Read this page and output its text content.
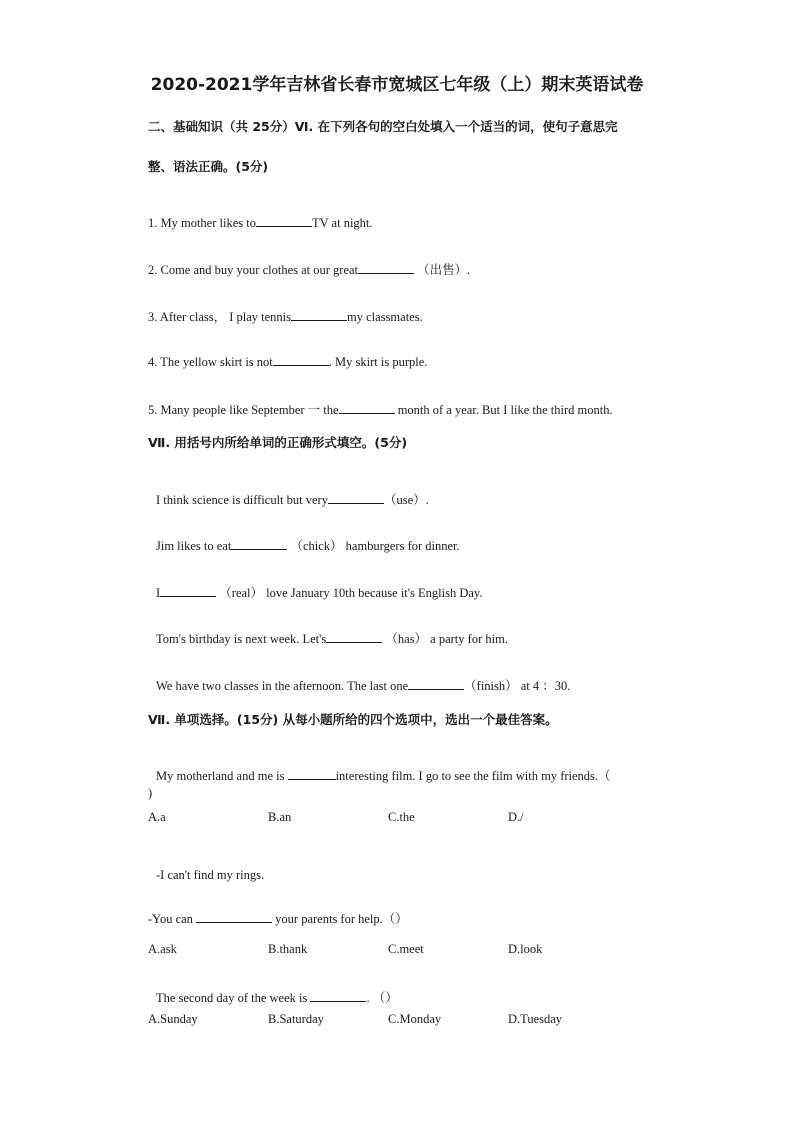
2020-2021学年吉林省长春市宽城区七年级（上）期末英语试卷
二、基础知识（共 25分）Ⅵ. 在下列各句的空白处填入一个适当的词，使句子意思完
整、语法正确。(5分)
1. My mother likes to	TV at night.
2. Come and buy your clothes at our great	（出售）.
3. After class， I play tennis	my classmates.
4. The yellow skirt is not	. My skirt is purple.
5. Many people like September 一 the	month of a year. But I like the third month.
Ⅶ. 用括号内所给单词的正确形式填空。(5分)
I think science is difficult but very	（use）.
Jim likes to eat	（chick） hamburgers for dinner.
I	（real） love January 10th because it's English Day.
Tom's birthday is next week. Let's	（has） a party for him.
We have two classes in the afternoon. The last one	（finish） at 4 ：30.
Ⅶ. 单项选择。(15分) 从每小题所给的四个选项中，选出一个最佳答案。
My motherland and me is	interesting film. I go to see the film with my friends.（
)
A.a	B.an	C.the	D./
-I can't find my rings.
-You can	your parents for help.（）
A.ask	B.thank	C.meet	D.look
The second day of the week is	. （）
A.Sunday	B.Saturday	C.Monday	D.Tuesday
